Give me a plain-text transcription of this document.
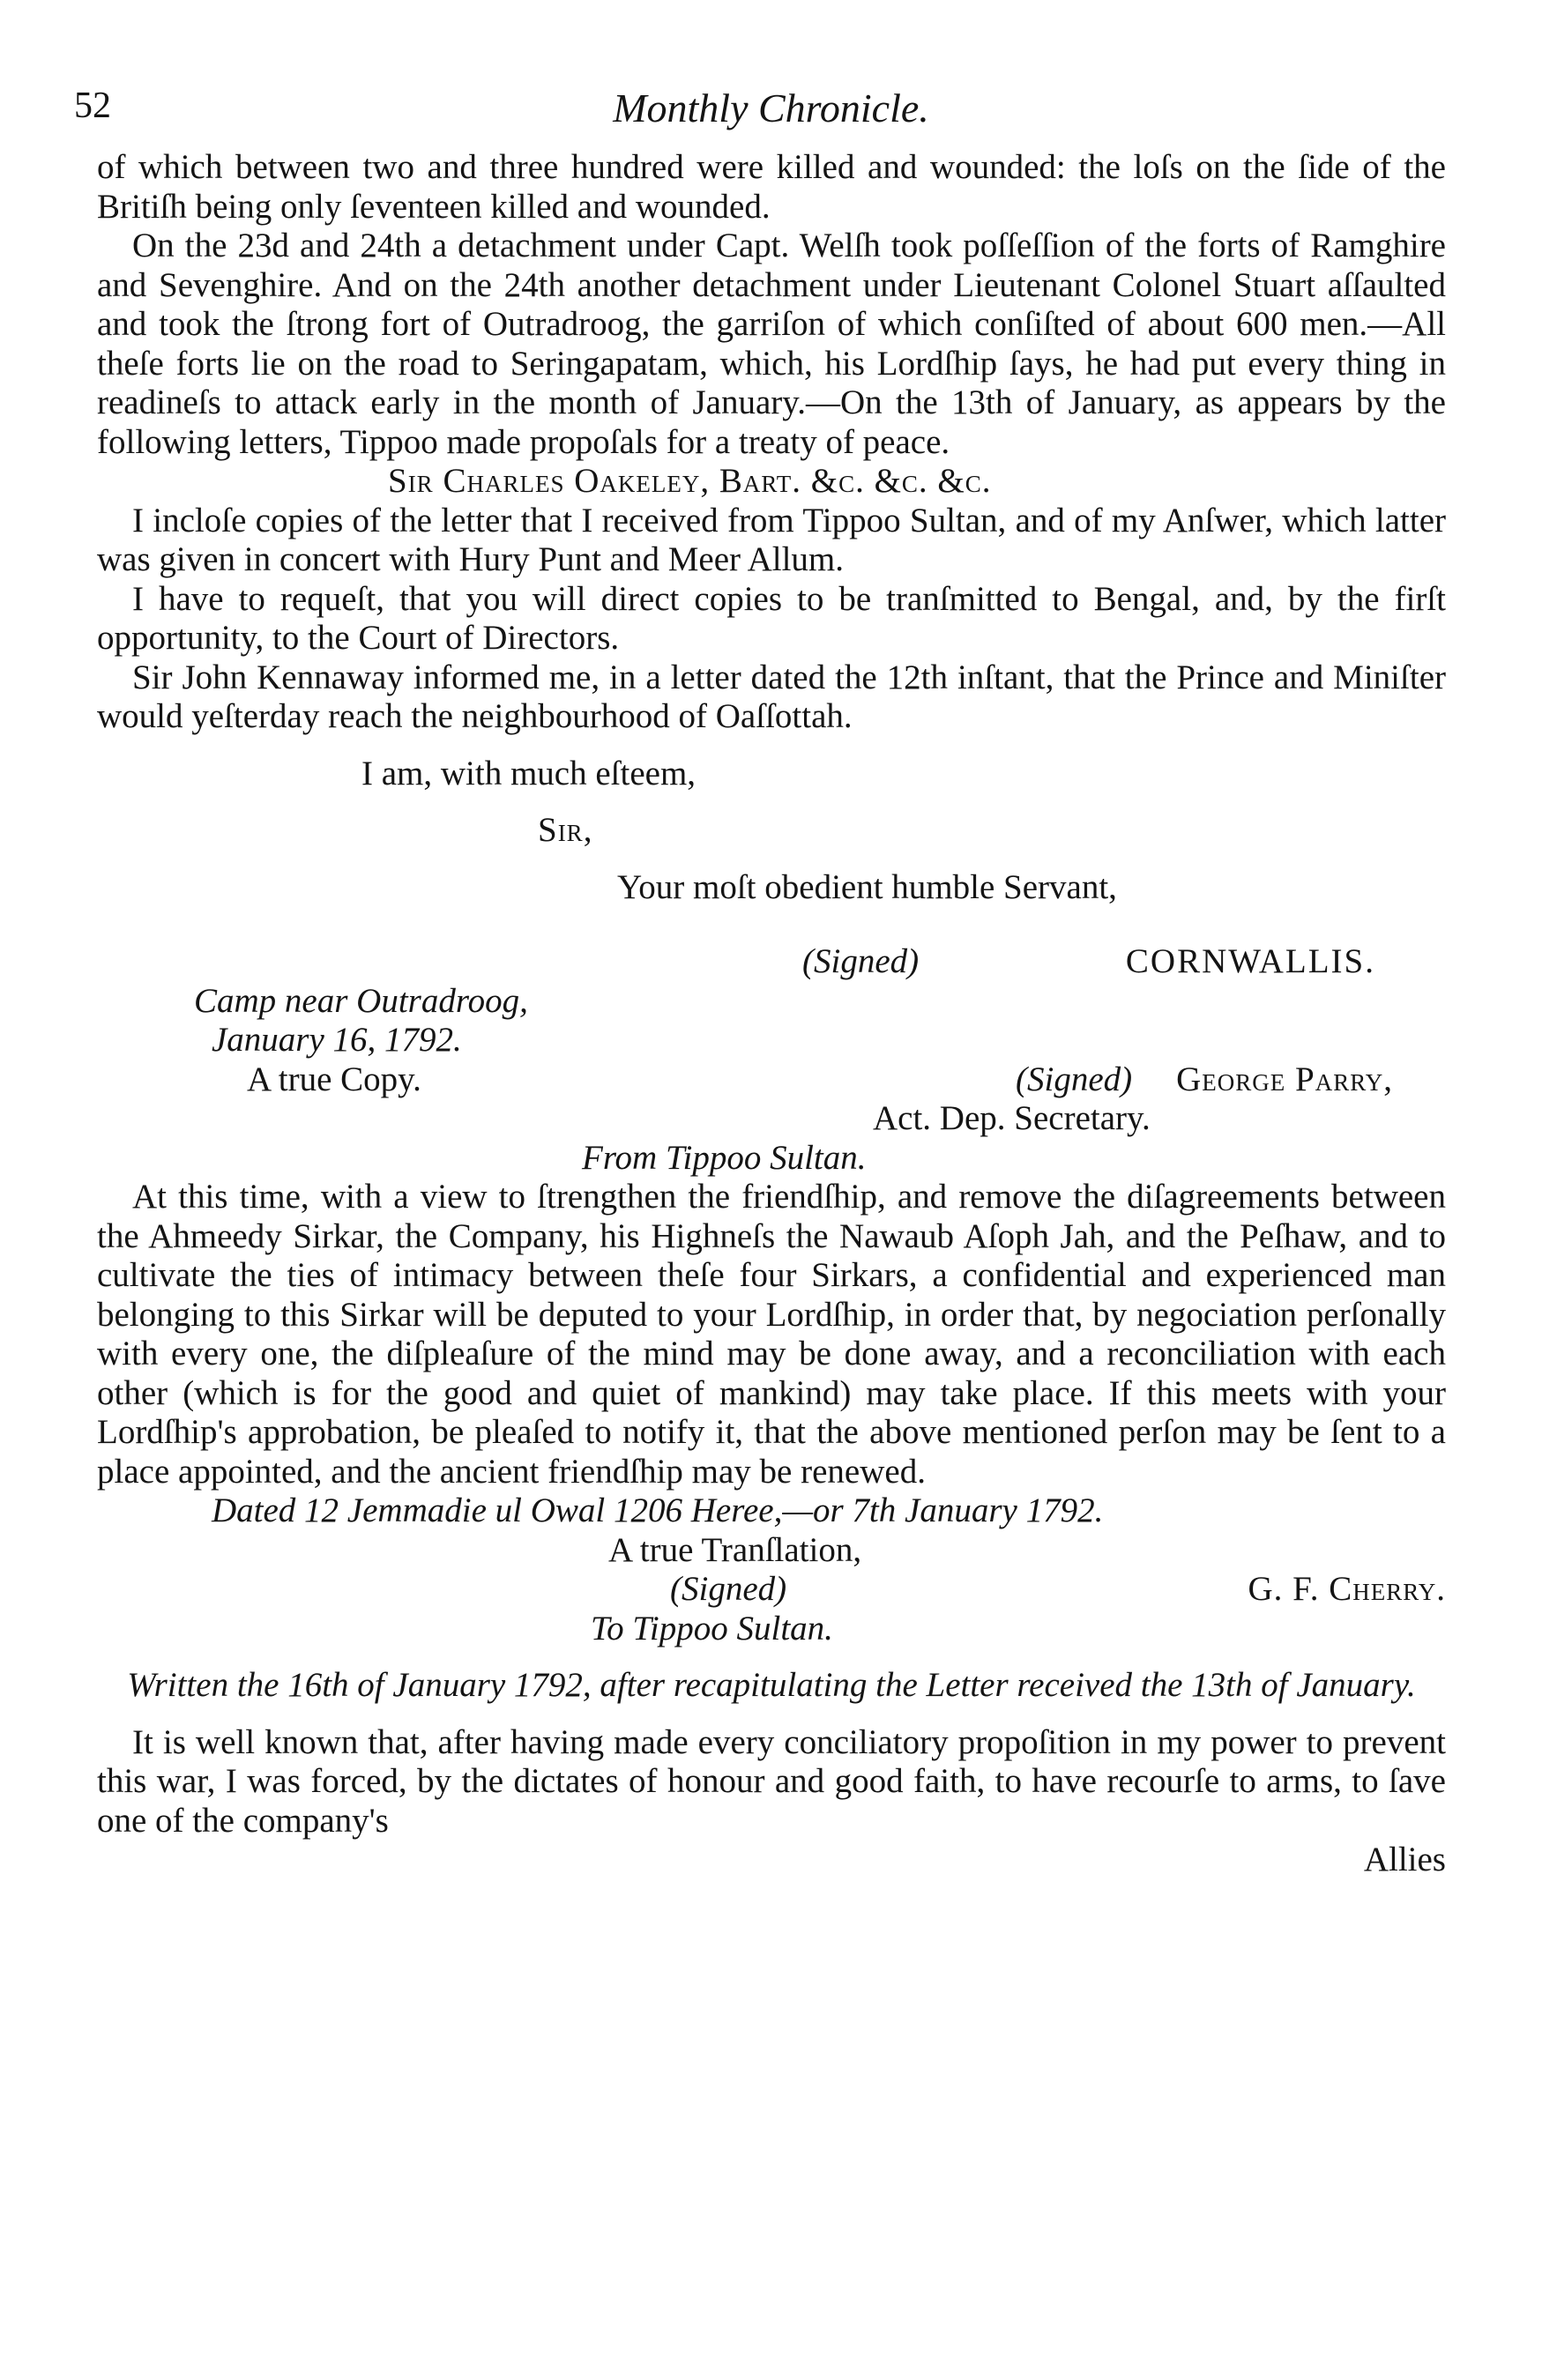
52	Monthly Chronicle.

of which between two and three hundred were killed and wounded: the loſs on the ſide of the Britiſh being only ſeventeen killed and wounded.

On the 23d and 24th a detachment under Capt. Welſh took poſſeſſion of the forts of Ramghire and Sevenghire. And on the 24th another detachment under Lieutenant Colonel Stuart aſſaulted and took the ſtrong fort of Outradroog, the garriſon of which conſiſted of about 600 men.—All theſe forts lie on the road to Seringapatam, which, his Lordſhip ſays, he had put every thing in readineſs to attack early in the month of January.—On the 13th of January, as appears by the following letters, Tippoo made propoſals for a treaty of peace.

Sir Charles Oakeley, Bart. &c. &c. &c.

I incloſe copies of the letter that I received from Tippoo Sultan, and of my Anſwer, which latter was given in concert with Hury Punt and Meer Allum.

I have to requeſt, that you will direct copies to be tranſmitted to Bengal, and, by the firſt opportunity, to the Court of Directors.

Sir John Kennaway informed me, in a letter dated the 12th inſtant, that the Prince and Miniſter would yeſterday reach the neighbourhood of Oaſſottah.

I am, with much eſteem,

Sir,

Your moſt obedient humble Servant,

(Signed)	CORNWALLIS.

Camp near Outradroog,

January 16, 1792.

A true Copy.	(Signed) George Parry,

Act. Dep. Secretary.

From Tippoo Sultan.

At this time, with a view to ſtrengthen the friendſhip, and remove the diſagreements between the Ahmeedy Sirkar, the Company, his Highneſs the Nawaub Aſoph Jah, and the Peſhaw, and to cultivate the ties of intimacy between theſe four Sirkars, a confidential and experienced man belonging to this Sirkar will be deputed to your Lordſhip, in order that, by negociation perſonally with every one, the diſpleaſure of the mind may be done away, and a reconciliation with each other (which is for the good and quiet of mankind) may take place. If this meets with your Lordſhip's approbation, be pleaſed to notify it, that the above mentioned perſon may be ſent to a place appointed, and the ancient friendſhip may be renewed.

Dated 12 Jemmadie ul Owal 1206 Heree,—or 7th January 1792.

A true Tranſlation,

(Signed)	G. F. Cherry.

To Tippoo Sultan.

Written the 16th of January 1792, after recapitulating the Letter received the 13th of January.

It is well known that, after having made every conciliatory propoſition in my power to prevent this war, I was forced, by the dictates of honour and good faith, to have recourſe to arms, to ſave one of the company's

Allies
